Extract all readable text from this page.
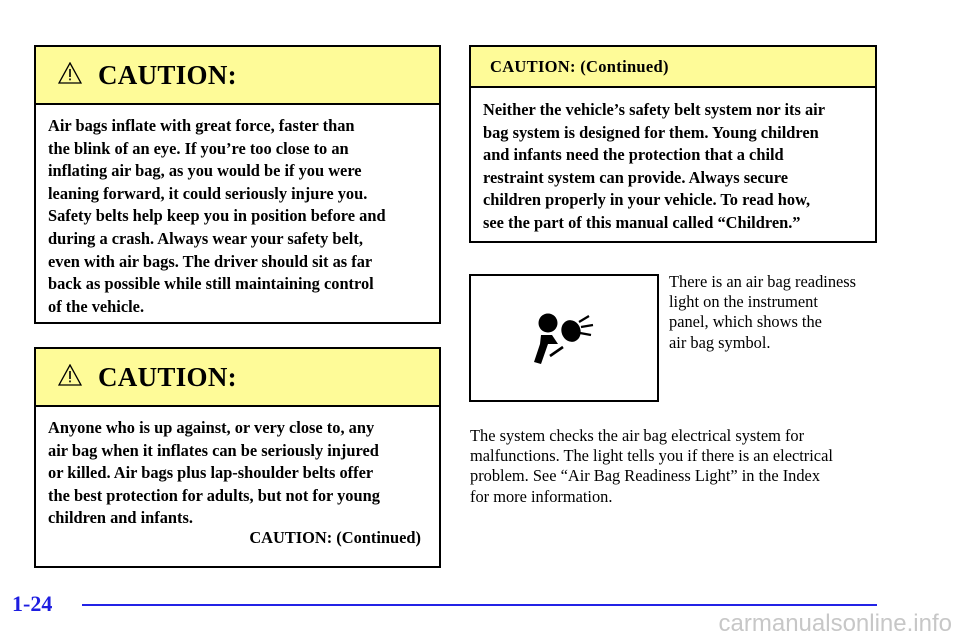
CAUTION:
Air bags inflate with great force, faster than
the blink of an eye. If you’re too close to an
inflating air bag, as you would be if you were
leaning forward, it could seriously injure you.
Safety belts help keep you in position before and
during a crash. Always wear your safety belt,
even with air bags. The driver should sit as far
back as possible while still maintaining control
of the vehicle.
CAUTION:
Anyone who is up against, or very close to, any
air bag when it inflates can be seriously injured
or killed. Air bags plus lap-shoulder belts offer
the best protection for adults, but not for young
children and infants.
CAUTION: (Continued)
CAUTION: (Continued)
Neither the vehicle’s safety belt system nor its air
bag system is designed for them. Young children
and infants need the protection that a child
restraint system can provide. Always secure
children properly in your vehicle. To read how,
see the part of this manual called “Children.”
There is an air bag readiness
light on the instrument
panel, which shows the
air bag symbol.
The system checks the air bag electrical system for
malfunctions. The light tells you if there is an electrical
problem. See “Air Bag Readiness Light” in the Index
for more information.
1-24
carmanualsonline.info
